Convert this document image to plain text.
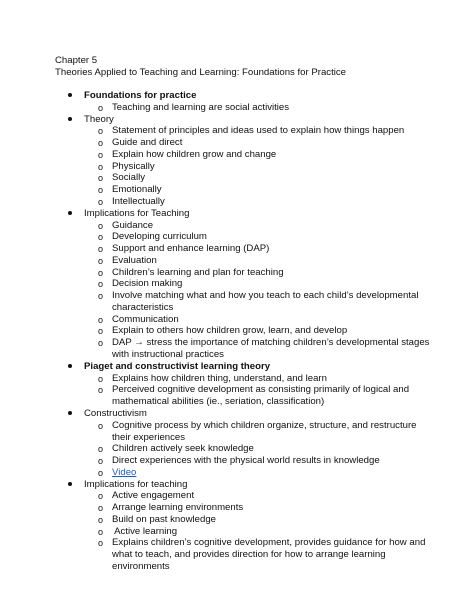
Chapter 5
Theories Applied to Teaching and Learning: Foundations for Practice
Foundations for practice
o Teaching and learning are social activities
Theory
o Statement of principles and ideas used to explain how things happen
o Guide and direct
o Explain how children grow and change
o Physically
o Socially
o Emotionally
o Intellectually
Implications for Teaching
o Guidance
o Developing curriculum
o Support and enhance learning (DAP)
o Evaluation
o Children’s learning and plan for teaching
o Decision making
o Involve matching what and how you teach to each child’s developmental characteristics
o Communication
o Explain to others how children grow, learn, and develop
o DAP → stress the importance of matching children’s developmental stages with instructional practices
Piaget and constructivist learning theory
o Explains how children thing, understand, and learn
o Perceived cognitive development as consisting primarily of logical and mathematical abilities (ie., seriation, classification)
Constructivism
o Cognitive process by which children organize, structure, and restructure their experiences
o Children actively seek knowledge
o Direct experiences with the physical world results in knowledge
o Video
Implications for teaching
o Active engagement
o Arrange learning environments
o Build on past knowledge
o Active learning
o Explains children’s cognitive development, provides guidance for how and what to teach, and provides direction for how to arrange learning environments
